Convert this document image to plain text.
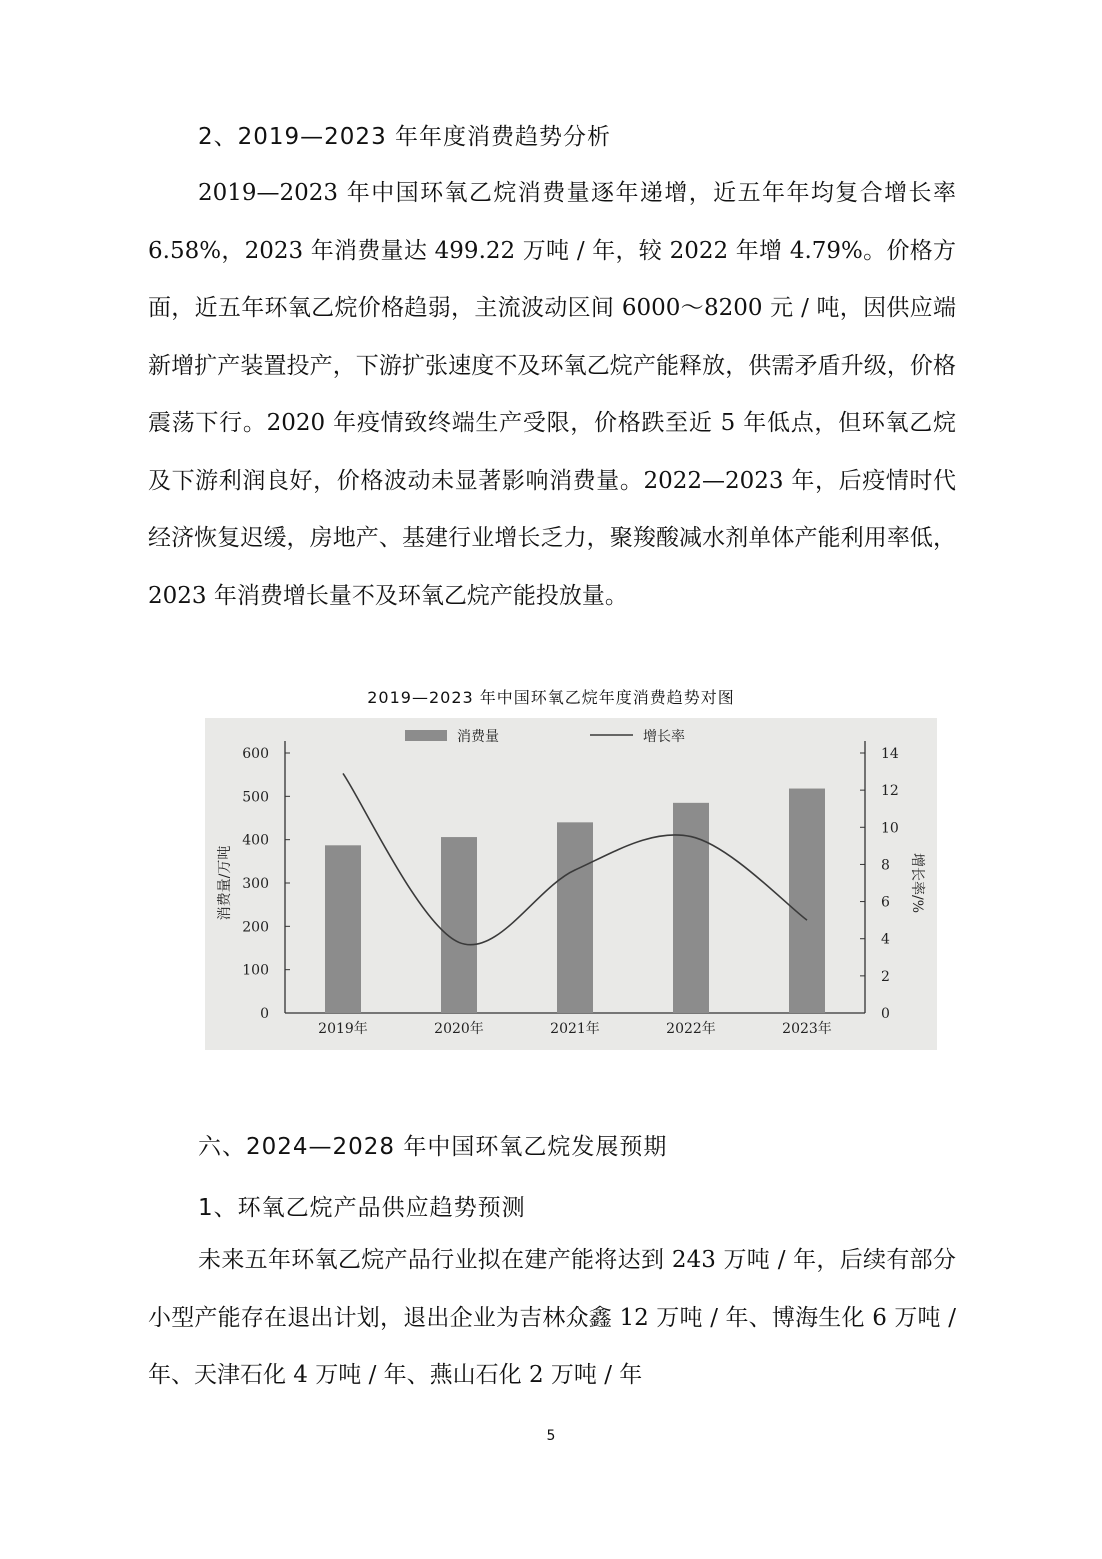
2、2019—2023 年年度消费趋势分析

2019—2023 年中国环氧乙烷消费量逐年递增，近五年年均复合增长率 6.58%，2023 年消费量达 499.22 万吨 / 年，较 2022 年增 4.79%。价格方面，近五年环氧乙烷价格趋弱，主流波动区间 6000～8200 元 / 吨，因供应端新增扩产装置投产，下游扩张速度不及环氧乙烷产能释放，供需矛盾升级，价格震荡下行。2020 年疫情致终端生产受限，价格跌至近 5 年低点，但环氧乙烷及下游利润良好，价格波动未显著影响消费量。2022—2023 年，后疫情时代经济恢复迟缓，房地产、基建行业增长乏力，聚羧酸减水剂单体产能利用率低，2023 年消费增长量不及环氧乙烷产能投放量。

2019—2023 年中国环氧乙烷年度消费趋势对图

0
100
200
300
400
500
600
0
2
4
6
8
10
12
14
消费量/万吨	增长率/%
2019年	2020年	2021年	2022年	2023年
消费量	增长率
六、2024—2028 年中国环氧乙烷发展预期
1、环氧乙烷产品供应趋势预测

未来五年环氧乙烷产品行业拟在建产能将达到 243 万吨 / 年，后续有部分小型产能存在退出计划，退出企业为吉林众鑫 12 万吨 / 年、博海生化 6 万吨 / 年、天津石化 4 万吨 / 年、燕山石化 2 万吨 / 年

5
